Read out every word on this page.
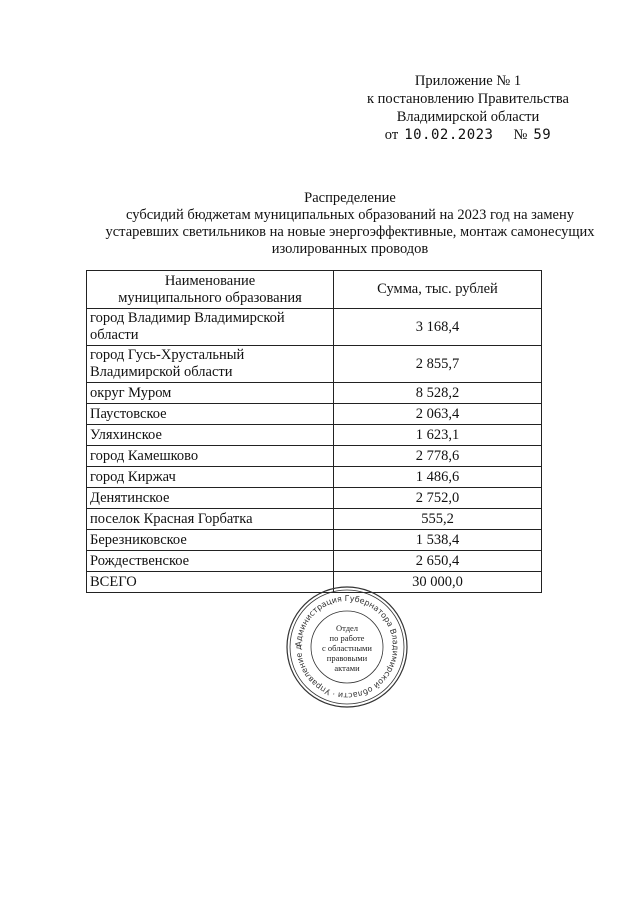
Приложение № 1
к постановлению Правительства
Владимирской области
от 10.02.2023 № 59
Распределение
субсидий бюджетам муниципальных образований на 2023 год на замену
устаревших светильников на новые энергоэффективные, монтаж самонесущих
изолированных проводов
Наименование
муниципального образования	Сумма, тыс. рублей

город Владимир Владимирской
области	3 168,4

город Гусь-Хрустальный
Владимирской области	2 855,7
округ Муром	8 528,2
Паустовское	2 063,4
Уляхинское	1 623,1
город Камешково	2 778,6
город Киржач	1 486,6
Денятинское	2 752,0
поселок Красная Горбатка	555,2
Березниковское	1 538,4
Рождественское	2 650,4
ВСЕГО	30 000,0
Администрация Губернатора Владимирской области · Управление д
Отдел
по работе
с областными
правовыми
актами
